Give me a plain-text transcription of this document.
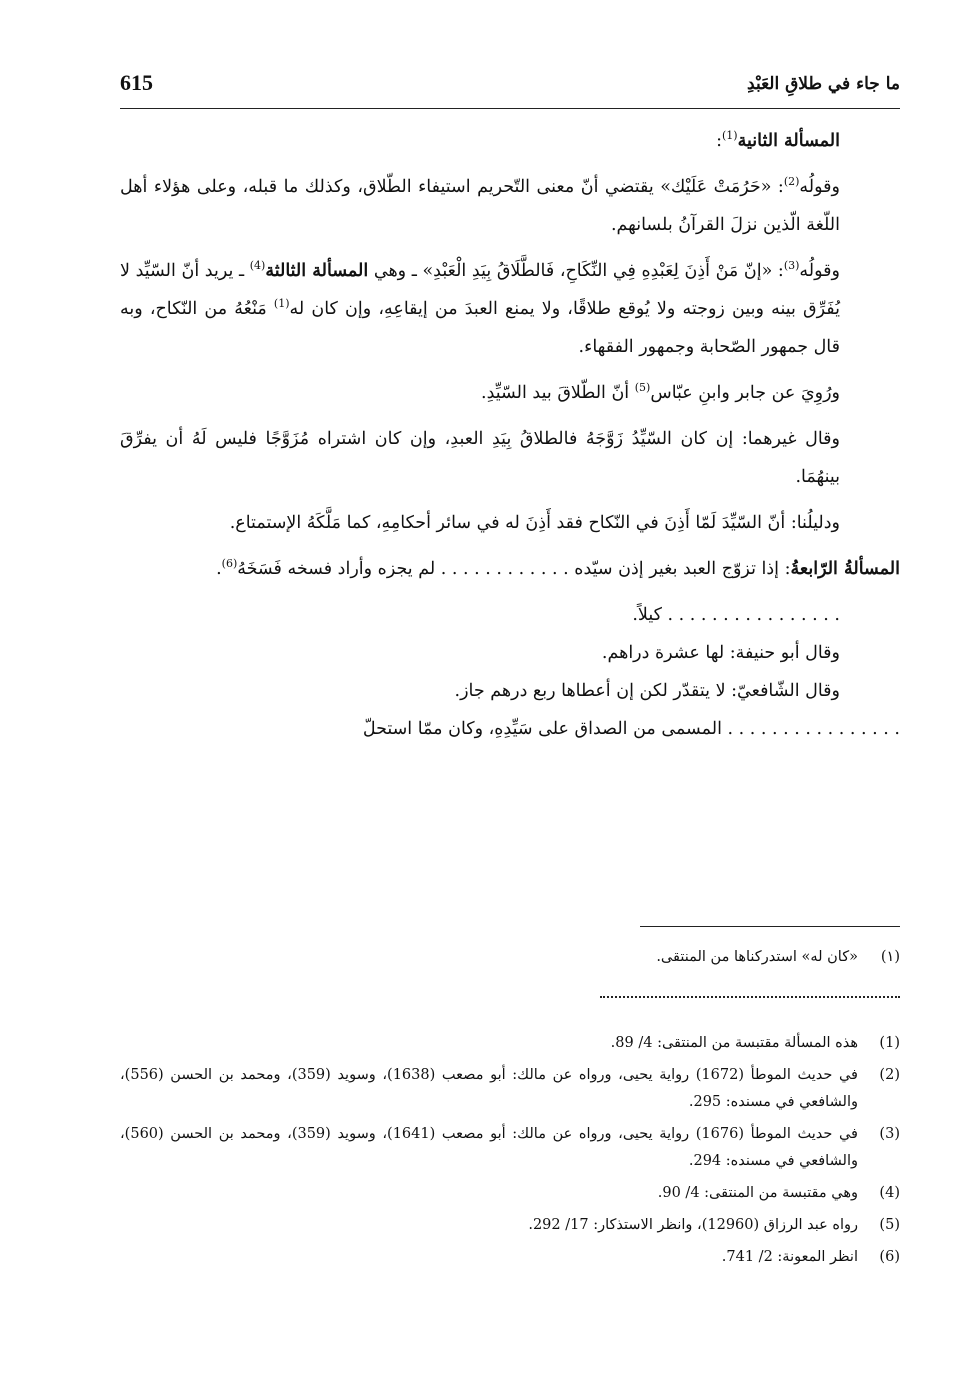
615	ما جاء في طلاقِ العَبْدِ

المسألة الثانية$^{(1)}$:

وقولُه$^{(2)}$: «حَرُمَتْ عَلَيْك» يقتضي أنّ معنى التّحريم استيفاء الطّلاق، وكذلك ما قبله، وعلى هؤلاء أهل اللّغة الّذين نزلَ القرآنُ بلسانهم.

وقولُه$^{(3)}$: «إنّ مَنْ أَذِنَ لِعَبْدِهِ فِي النِّكَاحِ، فَالطَّلَاقُ بِيَدِ الْعَبْدِ» ـ وهي المسألة الثالثة$^{(4)}$ ـ يريد أنّ السّيِّد لا يُفَرِّق بينه وبين زوجته ولا يُوقع طلاقًا، ولا يمنع العبدَ من إيقاعِهِ، وإن كان له$^{(1)}$ مَنْعُهُ من النّكاح، وبه قال جمهور الصّحابة وجمهور الفقهاء.

ورُوِيَ عن جابر وابنِ عبّاس$^{(5)}$ أنّ الطّلاقَ بيد السّيِّدِ.

وقال غيرهما: إن كان السّيِّدُ زَوَّجَهُ فالطلاقُ بِيَدِ العبدِ، وإن كان اشتراه مُزَوَّجًا فليس لَهُ أن يفرِّقَ بينهُمَا.

ودليلُنا: أنّ السّيِّدَ لَمّا أَذِنَ في النّكاح فقد أَذِنَ له في سائر أحكامِهِ، كما مَلَّكَهُ الإستمتاع.

المسألةُ الرّابعةُ: إذا تزوّج العبد بغير إذن سيّده . . . . . . . . . . . . لم يجزه وأراد فسخه فَسَخَهُ$^{(6)}$.

. . . . . . . . . . . . . . . . كيلاً.

وقال أبو حنيفة: لها عشرة دراهم.

وقال الشّافعيّ: لا يتقدّر لكن إن أعطاها ربع درهم جاز.

. . . . . . . . . . . . . . . . المسمى من الصداق على سَيِّدِهِ، وكان ممّا استحلّ

(١)
«كان له» استدركناها من المنتقى.
(1)
هذه المسألة مقتبسة من المنتقى: 4/ 89.
(2)
في حديث الموطأ (1672) رواية يحيى، ورواه عن مالك: أبو مصعب (1638)، وسويد (359)، ومحمد بن الحسن (556)، والشافعي في مسنده: 295.
(3)
في حديث الموطأ (1676) رواية يحيى، ورواه عن مالك: أبو مصعب (1641)، وسويد (359)، ومحمد بن الحسن (560)، والشافعي في مسنده: 294.
(4)
وهي مقتبسة من المنتقى: 4/ 90.
(5)
رواه عبد الرزاق (12960)، وانظر الاستذكار: 17/ 292.
(6)
انظر المعونة: 2/ 741.
